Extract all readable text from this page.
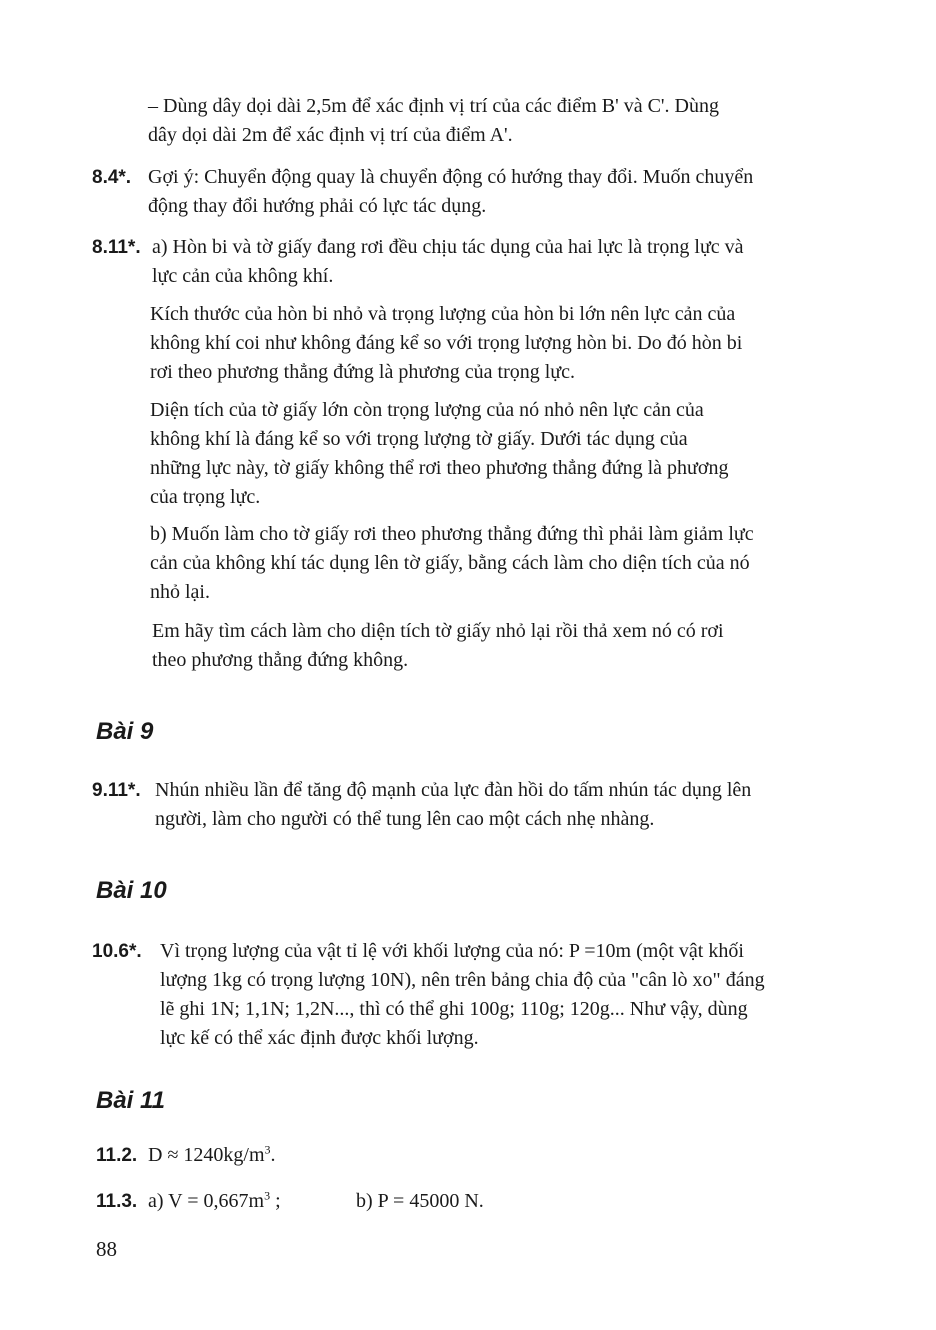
– Dùng dây dọi dài 2,5m để xác định vị trí của các điểm B' và C'. Dùng
dây dọi dài 2m để xác định vị trí của điểm A'.
8.4*. Gợi ý: Chuyển động quay là chuyển động có hướng thay đổi. Muốn chuyển
động thay đổi hướng phải có lực tác dụng.
8.11*. a) Hòn bi và tờ giấy đang rơi đều chịu tác dụng của hai lực là trọng lực và
lực cản của không khí.
Kích thước của hòn bi nhỏ và trọng lượng của hòn bi lớn nên lực cản của
không khí coi như không đáng kể so với trọng lượng hòn bi. Do đó hòn bi
rơi theo phương thẳng đứng là phương của trọng lực.
Diện tích của tờ giấy lớn còn trọng lượng của nó nhỏ nên lực cản của
không khí là đáng kể so với trọng lượng tờ giấy. Dưới tác dụng của
những lực này, tờ giấy không thể rơi theo phương thẳng đứng là phương
của trọng lực.
b) Muốn làm cho tờ giấy rơi theo phương thẳng đứng thì phải làm giảm lực
cản của không khí tác dụng lên tờ giấy, bằng cách làm cho diện tích của nó
nhỏ lại.
Em hãy tìm cách làm cho diện tích tờ giấy nhỏ lại rồi thả xem nó có rơi
theo phương thẳng đứng không.
Bài 9
9.11*. Nhún nhiều lần để tăng độ mạnh của lực đàn hồi do tấm nhún tác dụng lên
người, làm cho người có thể tung lên cao một cách nhẹ nhàng.
Bài 10
10.6*. Vì trọng lượng của vật tỉ lệ với khối lượng của nó: P =10m (một vật khối
lượng 1kg có trọng lượng 10N), nên trên bảng chia độ của "cân lò xo" đáng
lẽ ghi 1N; 1,1N; 1,2N..., thì có thể ghi 100g; 110g; 120g... Như vậy, dùng
lực kế có thể xác định được khối lượng.
Bài 11
11.2. $D \approx 1240kg/m^3$.
11.3. a) $V = 0,667m^3$ ;	b) P = 45000 N.
88
